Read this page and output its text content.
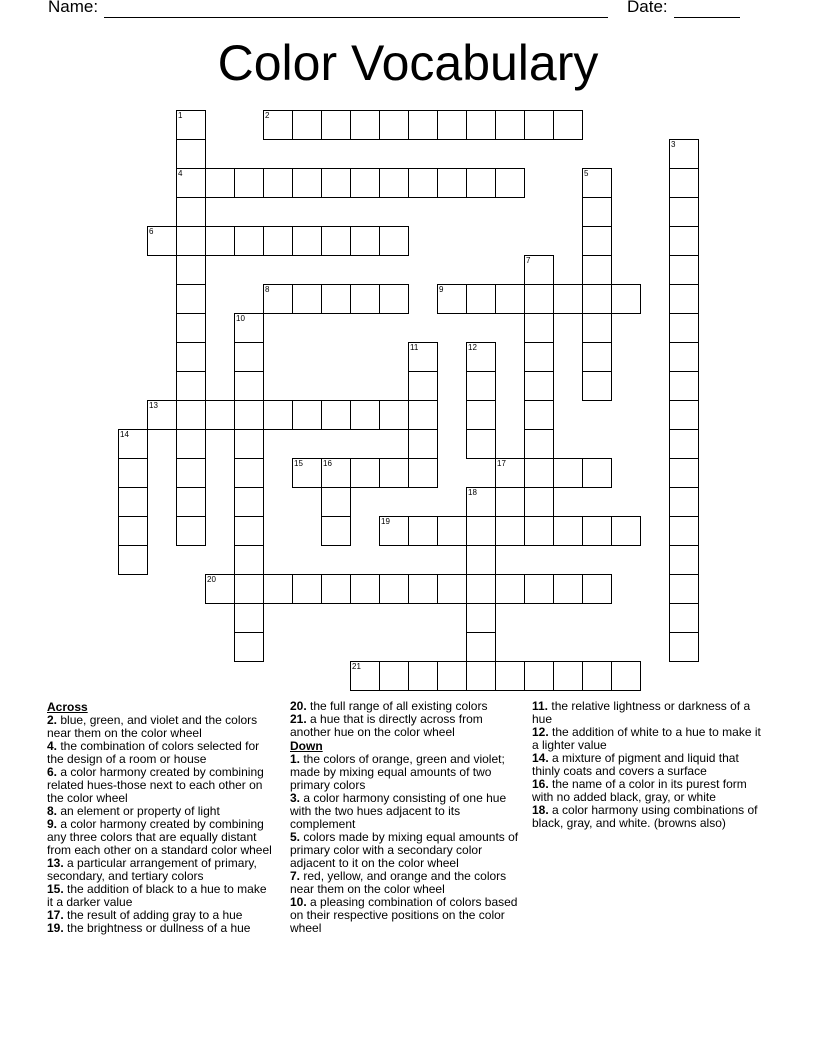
Name:	Date:
Color Vocabulary
1	2
3
4	5
6
7
8	9
10
11	12
13
14
15	16	17
18
19
20
21
Across
2. blue, green, and violet and the colors near them on the color wheel
4. the combination of colors selected for the design of a room or house
6. a color harmony created by combining related hues-those next to each other on the color wheel
8. an element or property of light
9. a color harmony created by combining any three colors that are equally distant from each other on a standard color wheel
13. a particular arrangement of primary, secondary, and tertiary colors
15. the addition of black to a hue to make it a darker value
17. the result of adding gray to a hue
19. the brightness or dullness of a hue
20. the full range of all existing colors
21. a hue that is directly across from another hue on the color wheel
Down
1. the colors of orange, green and violet; made by mixing equal amounts of two primary colors
3. a color harmony consisting of one hue with the two hues adjacent to its complement
5. colors made by mixing equal amounts of primary color with a secondary color adjacent to it on the color wheel
7. red, yellow, and orange and the colors near them on the color wheel
10. a pleasing combination of colors based on their respective positions on the color wheel
11. the relative lightness or darkness of a hue
12. the addition of white to a hue to make it a lighter value
14. a mixture of pigment and liquid that thinly coats and covers a surface
16. the name of a color in its purest form with no added black, gray, or white
18. a color harmony using combinations of black, gray, and white. (browns also)
